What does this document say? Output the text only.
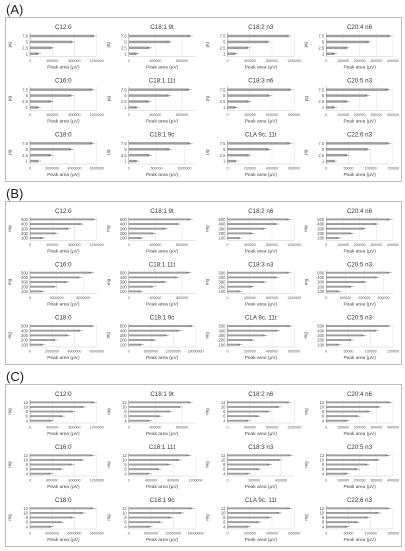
(A)
C12:0
µg
7.5
5
2.5
1
0	400000	800000	1200000
Peak area (µV)
C18:1 9t
µg
7.5
5
2.5
1
0	400000	800000
Peak area (µV)
C18:2 n3
µg
7.5
5
2.5
1
0	400000	800000	1200000
Peak area (µV)
C20:4 n6
µg
7.5
5
2.5
1
0	100000 200000 300000 400000
Peak area (µV)
C16:0
µg
7.5
5
2.5
1
0	400000	800000	1200000
Peak area (µV)
C18:1 11t
µg
7.5
5
2.5
1
0	400000	800000
Peak area (µV)
C18:3 n6
µg
7.5
5
2.5
1
0	300000	600000	900000
Peak area (µV)
C20:5 n3
µg
7.5
5
2.5
1
0	100000 200000 300000 400000
Peak area (µV)
C18:0
µg
7.5
5
2.5
1
0	2000000 4000000 6000000
Peak area (µV)
C18:1 9c
µg
7.5
5
2.5
1
0	500000	1000000
Peak area (µV)
CLA 9c, 11t
µg
7.5
5
2.5
1
0	200000	400000	600000
Peak area (µV)
C22:6 n3
µg
7.5
5
2.5
1
0	50000	100000	150000
Peak area (µV)
(B)
C12:0
mg
500
400
300
200
100
0	400000	800000	1200000
Peak area (µV)
C18:1 9t
mg
500
400
300
200
100
0	400000	800000
Peak area (µV)
C18:2 n6
mg
500
400
300
200
100
0	400000	800000	1200000
Peak area (µV)
C20:4 n6
mg
500
400
300
200
100
0	100000 200000 300000 400000
Peak area (µV)
C16:0
mg
500
400
300
200
100
0	4000000	8000000
Peak area (µV)
C18:1 11t
mg
500
400
300
200
100
0	400000	800000
Peak area (µV)
C18:3 n3
mg
500
400
300
200
100
0	400000	800000	1200000
Peak area (µV)
C20:5 n3
mg
500
400
300
200
100
0	100000 200000 300000
Peak area (µV)
C18:0
mg
500
400
300
200
100
0	2000000 4000000 6000000
Peak area (µV)
C18:1 9c
mg
500
400
300
200
100
0	6000000 12000000 18000000
Peak area (µV)
CLA 9c, 11t
mg
500
400
300
200
100
0	200000	400000	600000
Peak area (µV)
C20:5 n3
mg
500
400
300
200
100
0	50000	100000	150000
Peak area (µV)
(C)
C12:0
mg
12
10
8
6
4
0	400000	800000	1200000
Peak area (µV)
C18:1 9t
mg
12
10
8
6
4
0	400000	800000
Peak area (µV)
C18:2 n6
mg
12
10
8
6
4
0	400000	800000	1200000
Peak area (µV)
C20:4 n6
mg
12
10
8
6
4
0	100000 200000 300000 400000
Peak area (µV)
C16:0
mg
12
10
8
6
4
0	400000	800000	1200000
Peak area (µV)
C18:1 11t
mg
12
10
8
6
4
0	400000	800000	1200000
Peak area (µV)
C18:3 n3
mg
12
10
8
6
4
0	200000	400000
Peak area (µV)
C20:5 n3
mg
12
10
8
6
4
0	100000 200000 300000 400000
Peak area (µV)
C18:0
mg
12
10
8
6
4
0	3000000 6000000 9000000
Peak area (µV)
C18:1 9c
mg
12
10
8
6
4
0	6000000 12000000 18000000
Peak area (µV)
CLA 9c, 11t
mg
12
10
8
6
4
0	200000	400000	600000
Peak area (µV)
C22:6 n3
mg
12
10
8
6
4
0	50000	100000	150000
Peak area (µV)
